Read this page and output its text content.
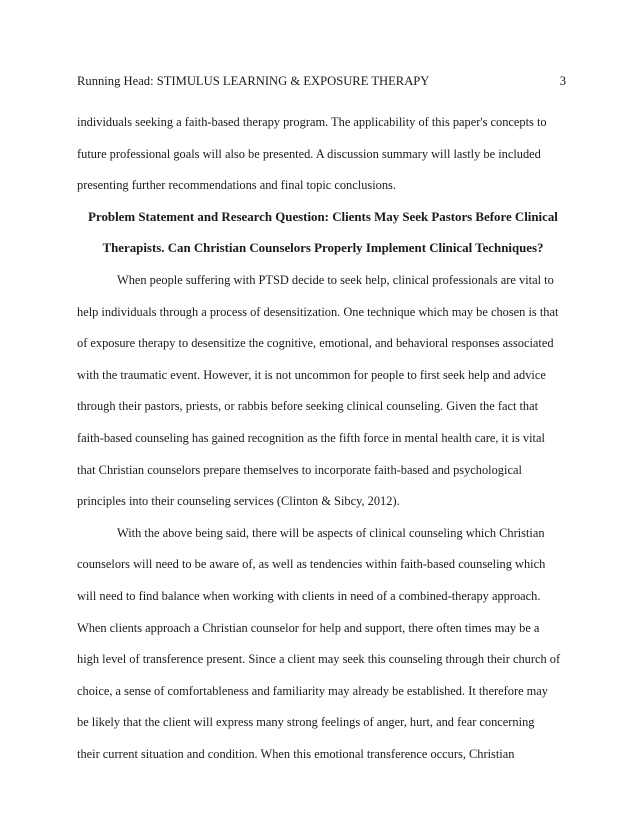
Running Head: STIMULUS LEARNING & EXPOSURE THERAPY	3
individuals seeking a faith-based therapy program. The applicability of this paper's concepts to
future professional goals will also be presented. A discussion summary will lastly be included
presenting further recommendations and final topic conclusions.
Problem Statement and Research Question: Clients May Seek Pastors Before Clinical
Therapists. Can Christian Counselors Properly Implement Clinical Techniques?
When people suffering with PTSD decide to seek help, clinical professionals are vital to
help individuals through a process of desensitization. One technique which may be chosen is that
of exposure therapy to desensitize the cognitive, emotional, and behavioral responses associated
with the traumatic event. However, it is not uncommon for people to first seek help and advice
through their pastors, priests, or rabbis before seeking clinical counseling. Given the fact that
faith-based counseling has gained recognition as the fifth force in mental health care, it is vital
that Christian counselors prepare themselves to incorporate faith-based and psychological
principles into their counseling services (Clinton & Sibcy, 2012).
With the above being said, there will be aspects of clinical counseling which Christian
counselors will need to be aware of, as well as tendencies within faith-based counseling which
will need to find balance when working with clients in need of a combined-therapy approach.
When clients approach a Christian counselor for help and support, there often times may be a
high level of transference present. Since a client may seek this counseling through their church of
choice, a sense of comfortableness and familiarity may already be established. It therefore may
be likely that the client will express many strong feelings of anger, hurt, and fear concerning
their current situation and condition. When this emotional transference occurs, Christian
